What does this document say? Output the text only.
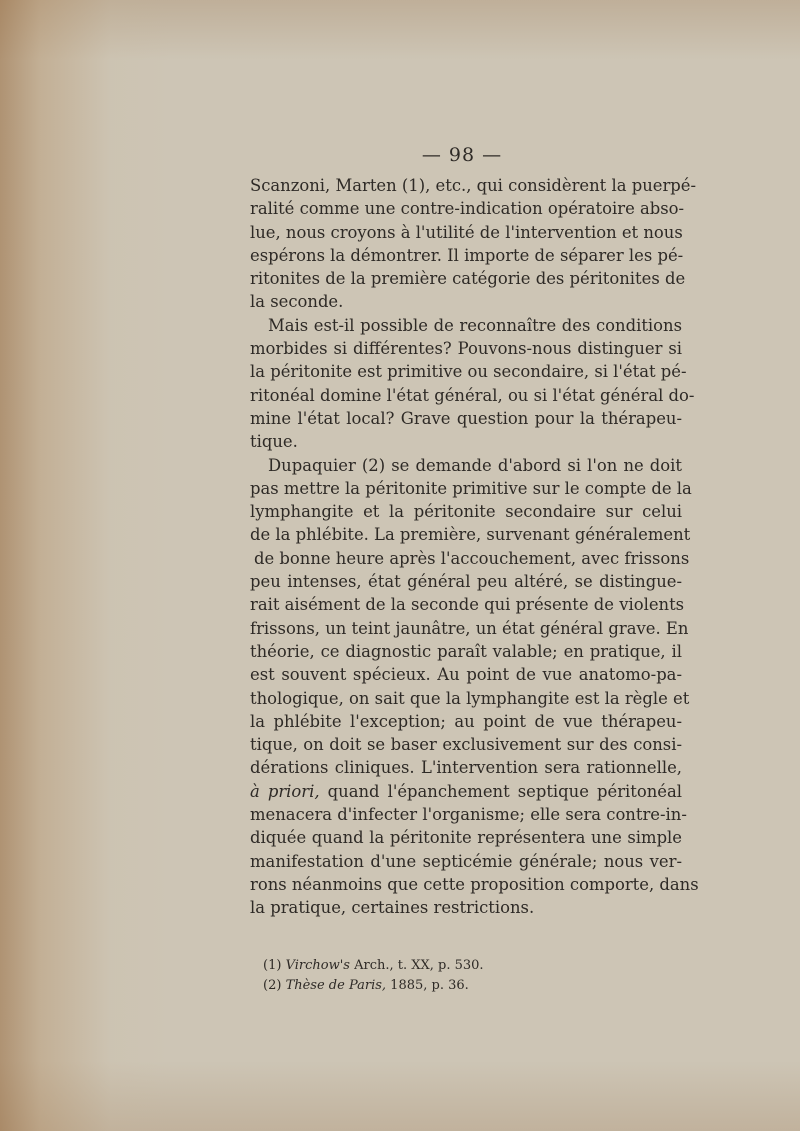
— 98 —
Scanzoni, Marten (1), etc., qui considèrent la puerpé-
ralité comme une contre-indication opératoire abso-
lue, nous croyons à l'utilité de l'intervention et nous
espérons la démontrer. Il importe de séparer les pé-
ritonites de la première catégorie des péritonites de
la seconde.
Mais est-il possible de reconnaître des conditions
morbides si différentes? Pouvons-nous distinguer si
la péritonite est primitive ou secondaire, si l'état pé-
ritonéal domine l'état général, ou si l'état général do-
mine l'état local? Grave question pour la thérapeu-
tique.
Dupaquier (2) se demande d'abord si l'on ne doit
pas mettre la péritonite primitive sur le compte de la
lymphangite et la péritonite secondaire sur celui
de la phlébite. La première, survenant généralement
de bonne heure après l'accouchement, avec frissons
peu intenses, état général peu altéré, se distingue-
rait aisément de la seconde qui présente de violents
frissons, un teint jaunâtre, un état général grave. En
théorie, ce diagnostic paraît valable; en pratique, il
est souvent spécieux. Au point de vue anatomo-pa-
thologique, on sait que la lymphangite est la règle et
la phlébite l'exception; au point de vue thérapeu-
tique, on doit se baser exclusivement sur des consi-
dérations cliniques. L'intervention sera rationnelle,
à priori, quand l'épanchement septique péritonéal
menacera d'infecter l'organisme; elle sera contre-in-
diquée quand la péritonite représentera une simple
manifestation d'une septicémie générale; nous ver-
rons néanmoins que cette proposition comporte, dans
la pratique, certaines restrictions.
(1) Virchow's Arch., t. XX, p. 530.
(2) Thèse de Paris, 1885, p. 36.
